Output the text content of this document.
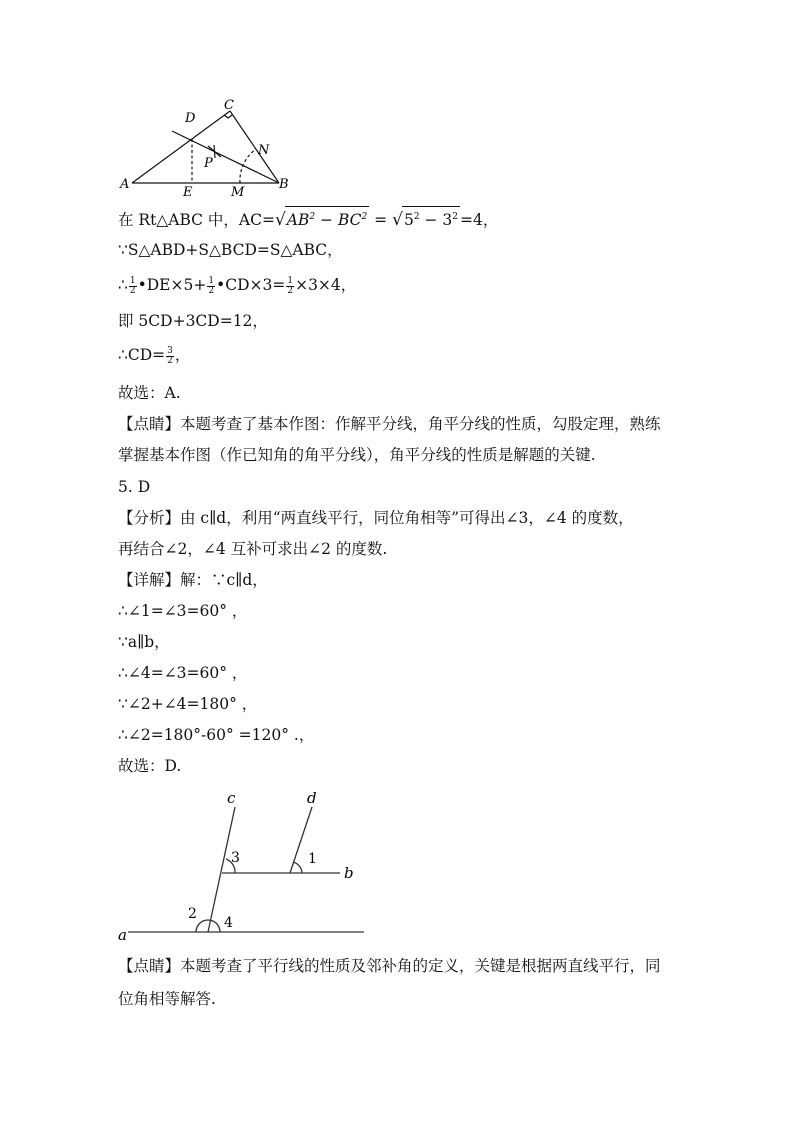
A	B
C
D
E	M
N
P
在 Rt△ABC 中，$AC=√AB^2 - BC^2 = √5^2 - 3^2 =4$，
∵S△ABD+S△BCD=S△ABC，
∴ $\frac{1}{2}$ •DE×5+ $\frac{1}{2}$ •CD×3= $\frac{1}{2} \times 3\times 4$，
即 5CD+3CD=12，
∴CD= $\frac{3}{2}$ ，
故选：A.
【点睛】本题考查了基本作图：作解平分线，角平分线的性质，勾股定理，熟练
掌握基本作图（作已知角的角平分线），角平分线的性质是解题的关键.
5. D
【分析】由 c∥d，利用“两直线平行，同位角相等”可得出∠3，∠4 的度数，
再结合∠2，∠4 互补可求出∠2 的度数.
【详解】解：∵c∥d，
∴∠1=∠3=60° ，
∵a∥b，
∴∠4=∠3=60° ，
∵∠2+∠4=180° ，
∴∠2=180°-60° =120° .，
故选：D.
c	d
b
a
3	1
2
4
【点睛】本题考查了平行线的性质及邻补角的定义，关键是根据两直线平行，同
位角相等解答.
